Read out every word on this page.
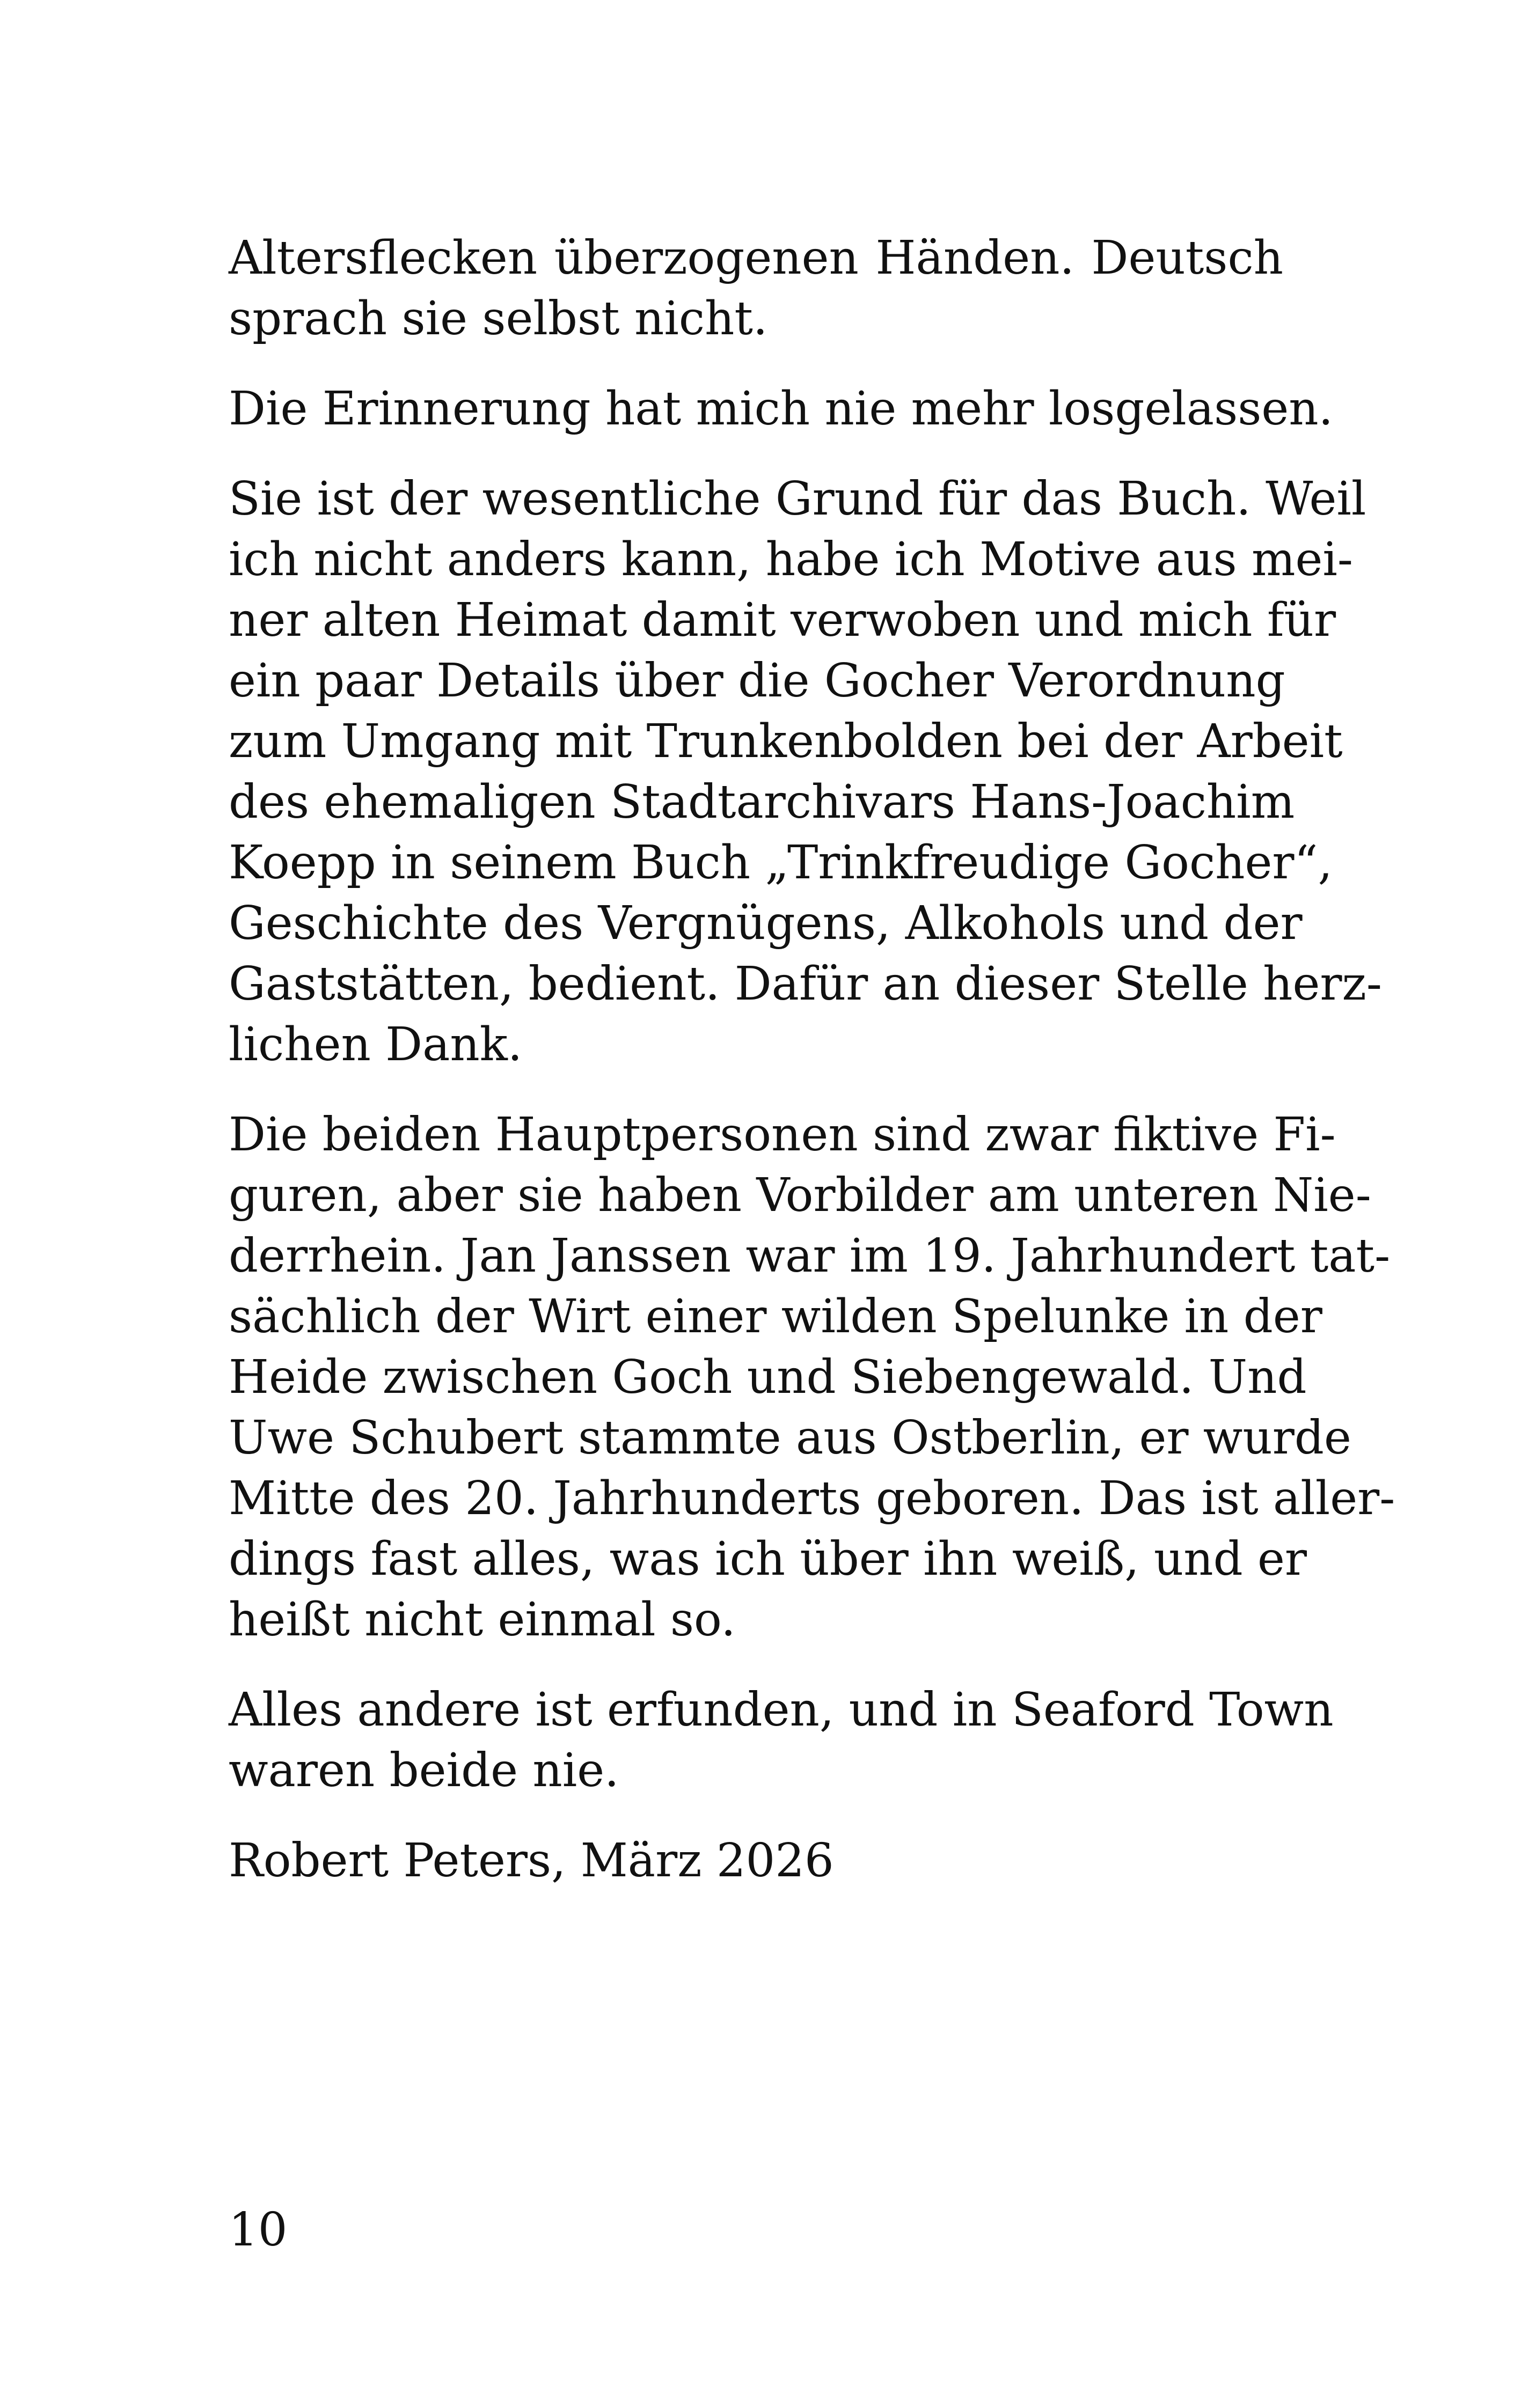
Altersflecken überzogenen Händen. Deutsch
sprach sie selbst nicht.
Die Erinnerung hat mich nie mehr losgelassen.
Sie ist der wesentliche Grund für das Buch. Weil
ich nicht anders kann, habe ich Motive aus mei-
ner alten Heimat damit verwoben und mich für
ein paar Details über die Gocher Verordnung
zum Umgang mit Trunkenbolden bei der Arbeit
des ehemaligen Stadtarchivars Hans-Joachim
Koepp in seinem Buch „Trinkfreudige Gocher“,
Geschichte des Vergnügens, Alkohols und der
Gaststätten, bedient. Dafür an dieser Stelle herz-
lichen Dank.
Die beiden Hauptpersonen sind zwar fiktive Fi-
guren, aber sie haben Vorbilder am unteren Nie-
derrhein. Jan Janssen war im 19. Jahrhundert tat-
sächlich der Wirt einer wilden Spelunke in der
Heide zwischen Goch und Siebengewald. Und
Uwe Schubert stammte aus Ostberlin, er wurde
Mitte des 20. Jahrhunderts geboren. Das ist aller-
dings fast alles, was ich über ihn weiß, und er
heißt nicht einmal so.
Alles andere ist erfunden, und in Seaford Town
waren beide nie.
Robert Peters, März 2026
10
